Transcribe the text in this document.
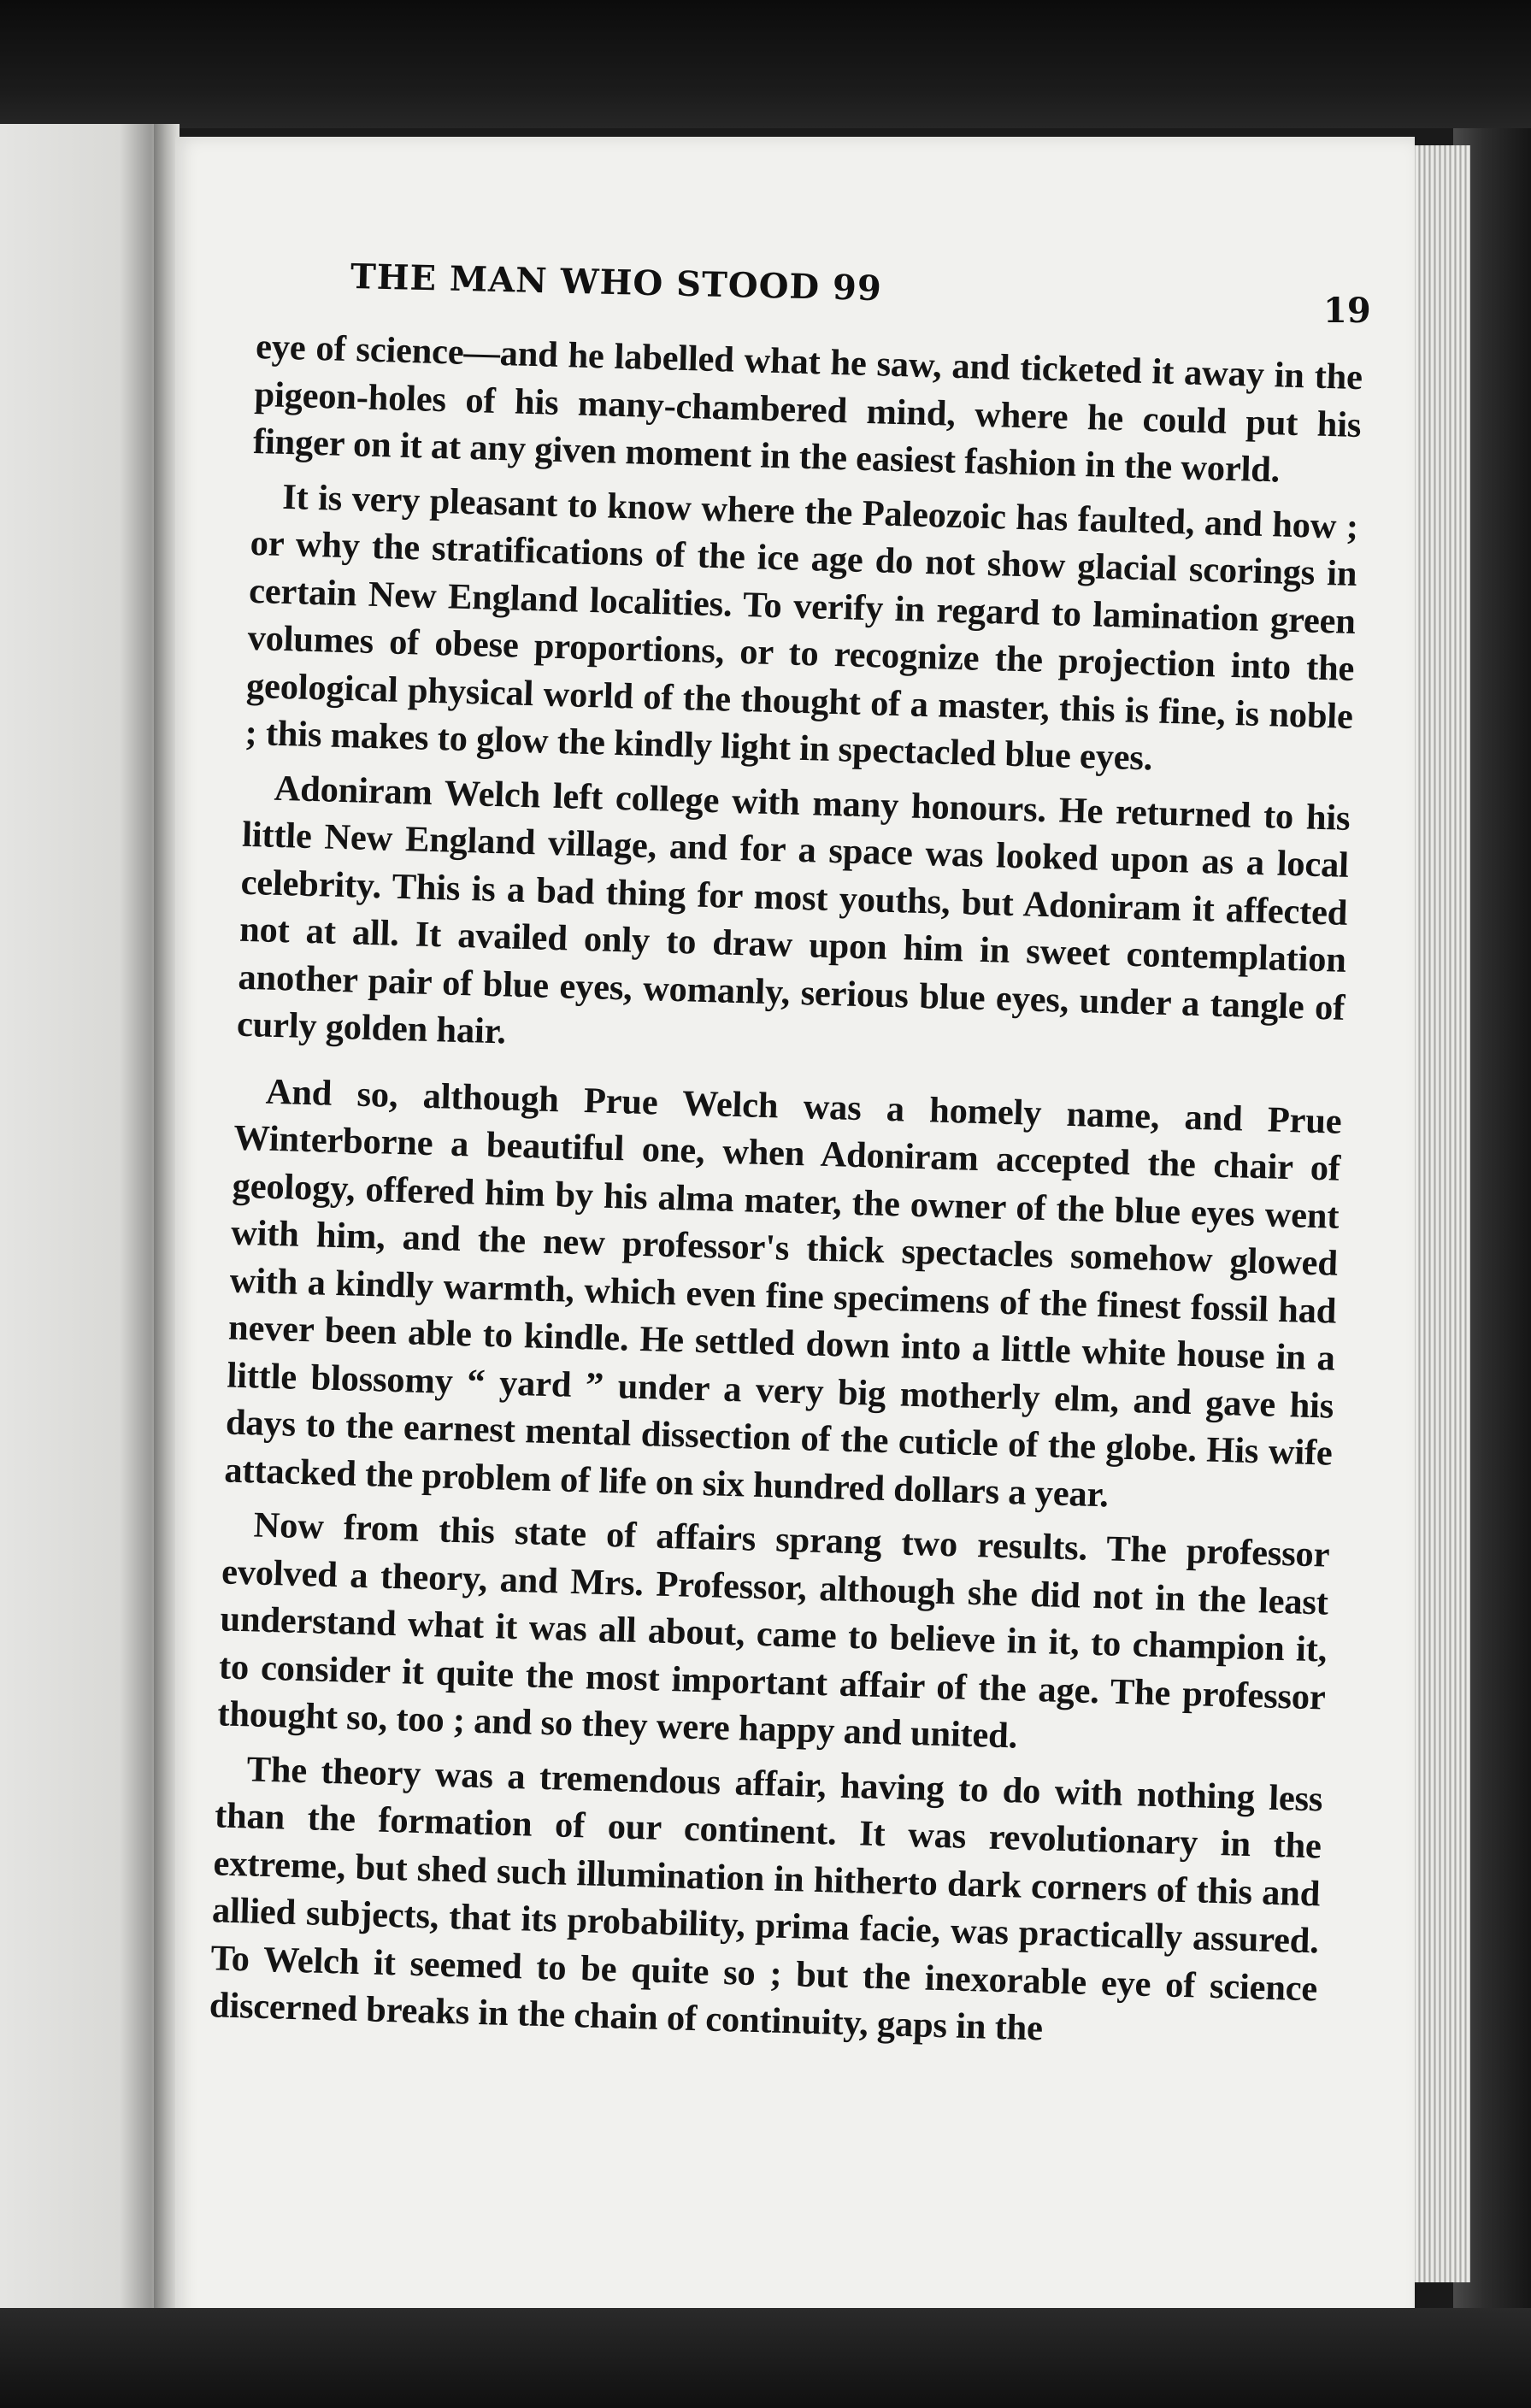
THE MAN WHO STOOD 99
19

eye of science—and he labelled what he saw, and ticketed it away in the pigeon-holes of his many-chambered mind, where he could put his finger on it at any given moment in the easiest fashion in the world.

It is very pleasant to know where the Paleozoic has faulted, and how ; or why the stratifications of the ice age do not show glacial scorings in certain New England localities. To verify in regard to lamination green volumes of obese proportions, or to recognize the projection into the geological physical world of the thought of a master, this is fine, is noble ; this makes to glow the kindly light in spectacled blue eyes.

Adoniram Welch left college with many honours. He returned to his little New England village, and for a space was looked upon as a local celebrity. This is a bad thing for most youths, but Adoniram it affected not at all. It availed only to draw upon him in sweet contemplation another pair of blue eyes, womanly, serious blue eyes, under a tangle of curly golden hair.

And so, although Prue Welch was a homely name, and Prue Winterborne a beautiful one, when Adoniram accepted the chair of geology, offered him by his alma mater, the owner of the blue eyes went with him, and the new professor's thick spectacles somehow glowed with a kindly warmth, which even fine specimens of the finest fossil had never been able to kindle. He settled down into a little white house in a little blossomy “ yard ” under a very big motherly elm, and gave his days to the earnest mental dissection of the cuticle of the globe. His wife attacked the problem of life on six hundred dollars a year.

Now from this state of affairs sprang two results. The professor evolved a theory, and Mrs. Professor, although she did not in the least understand what it was all about, came to believe in it, to champion it, to consider it quite the most important affair of the age. The professor thought so, too ; and so they were happy and united.

The theory was a tremendous affair, having to do with nothing less than the formation of our continent. It was revolutionary in the extreme, but shed such illumination in hitherto dark corners of this and allied subjects, that its probability, prima facie, was practically assured. To Welch it seemed to be quite so ; but the inexorable eye of science discerned breaks in the chain of continuity, gaps in the
